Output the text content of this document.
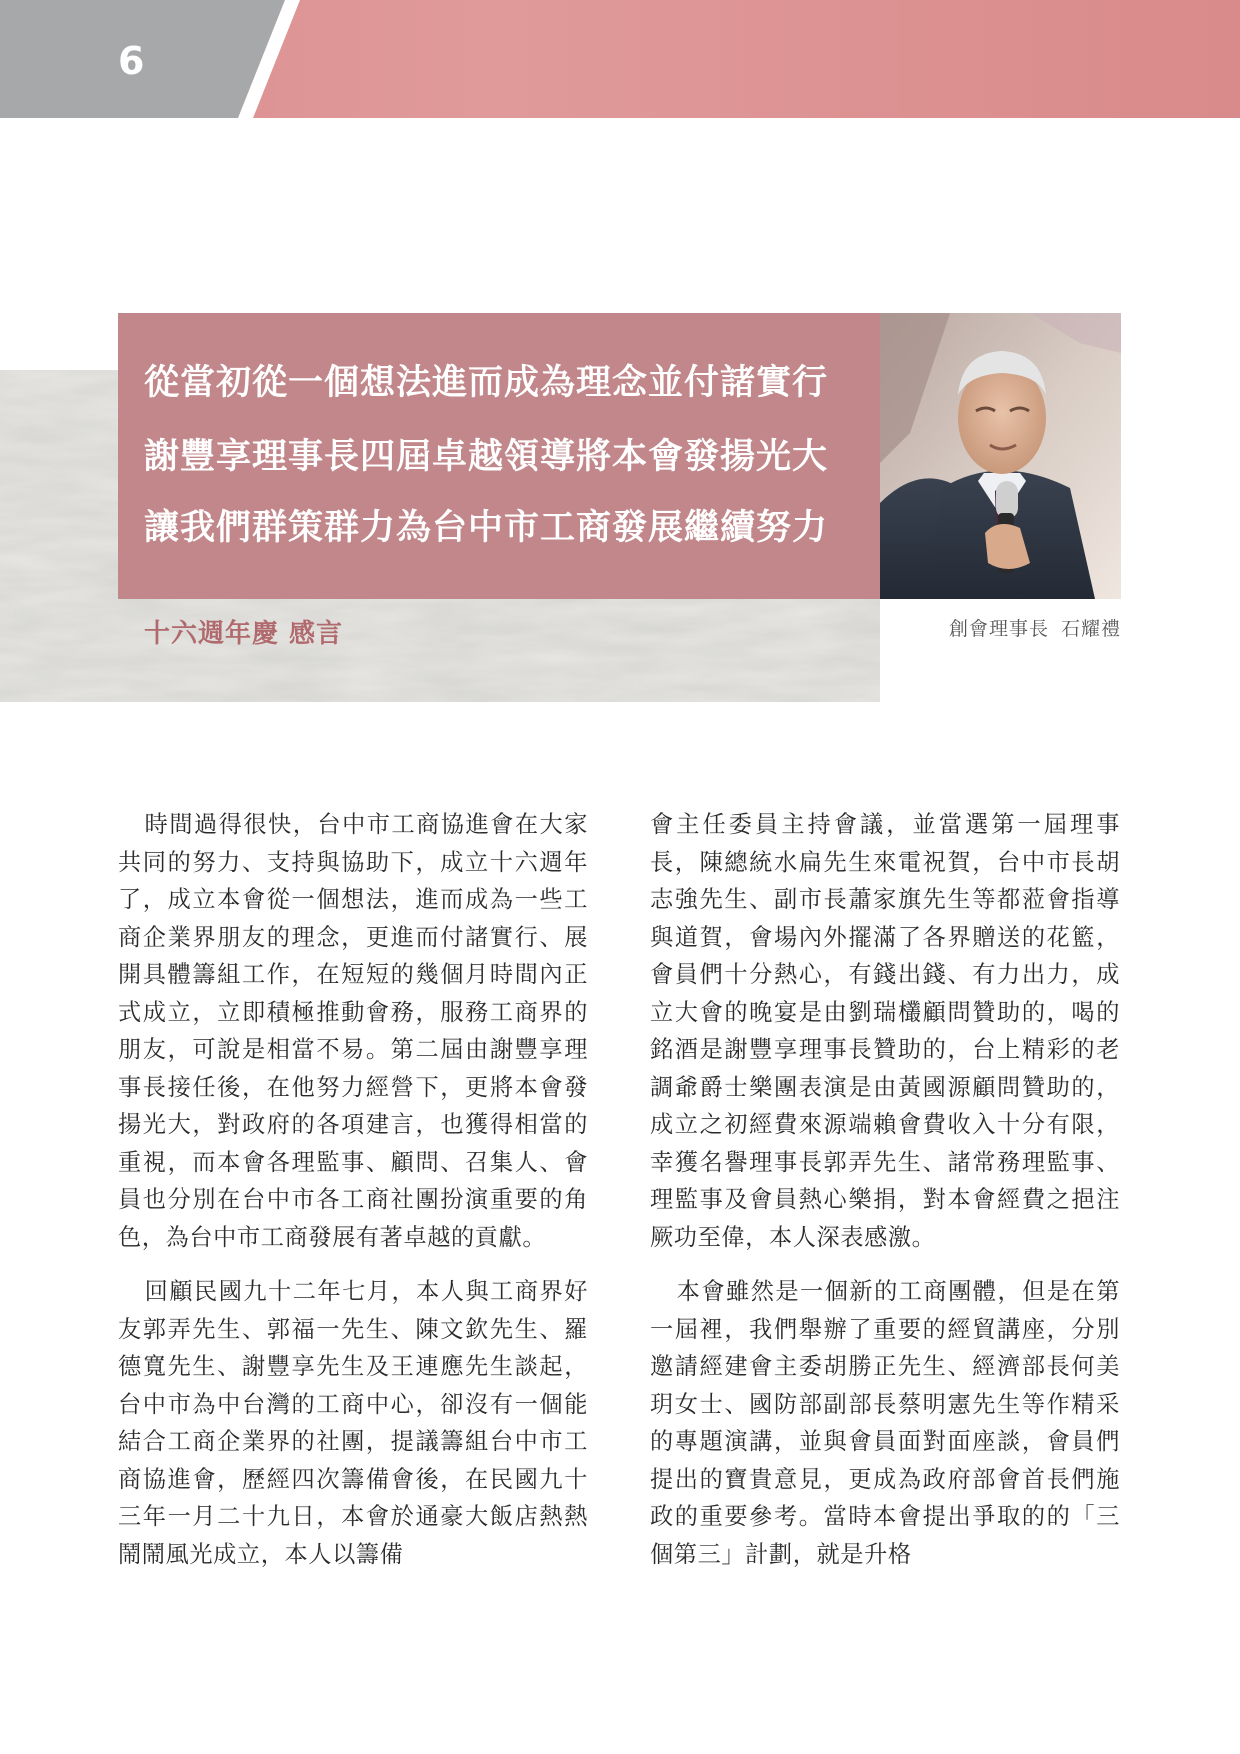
6
從當初從一個想法進而成為理念並付諸實行
謝豐享理事長四屆卓越領導將本會發揚光大
讓我們群策群力為台中市工商發展繼續努力
十六週年慶 感言	創會理事長 石耀禮

時間過得很快，台中市工商協進會在大家共同的努力、支持與協助下，成立十六週年了，成立本會從一個想法，進而成為一些工商企業界朋友的理念，更進而付諸實行、展開具體籌組工作，在短短的幾個月時間內正式成立，立即積極推動會務，服務工商界的朋友，可說是相當不易。第二屆由謝豐享理事長接任後，在他努力經營下，更將本會發揚光大，對政府的各項建言，也獲得相當的重視，而本會各理監事、顧問、召集人、會員也分別在台中市各工商社團扮演重要的角色，為台中市工商發展有著卓越的貢獻。

回顧民國九十二年七月，本人與工商界好友郭弄先生、郭福一先生、陳文欽先生、羅德寬先生、謝豐享先生及王連應先生談起，台中市為中台灣的工商中心，卻沒有一個能結合工商企業界的社團，提議籌組台中市工商協進會，歷經四次籌備會後，在民國九十三年一月二十九日，本會於通豪大飯店熱熱鬧鬧風光成立，本人以籌備

會主任委員主持會議，並當選第一屆理事長，陳總統水扁先生來電祝賀，台中市長胡志強先生、副市長蕭家旗先生等都蒞會指導與道賀，會場內外擺滿了各界贈送的花籃，會員們十分熱心，有錢出錢、有力出力，成立大會的晚宴是由劉瑞欉顧問贊助的，喝的銘酒是謝豐享理事長贊助的，台上精彩的老調爺爵士樂團表演是由黃國源顧問贊助的，成立之初經費來源端賴會費收入十分有限，幸獲名譽理事長郭弄先生、諸常務理監事、理監事及會員熱心樂捐，對本會經費之挹注厥功至偉，本人深表感激。

本會雖然是一個新的工商團體，但是在第一屆裡，我們舉辦了重要的經貿講座，分別邀請經建會主委胡勝正先生、經濟部長何美玥女士、國防部副部長蔡明憲先生等作精采的專題演講，並與會員面對面座談，會員們提出的寶貴意見，更成為政府部會首長們施政的重要參考。當時本會提出爭取的的「三個第三」計劃，就是升格
